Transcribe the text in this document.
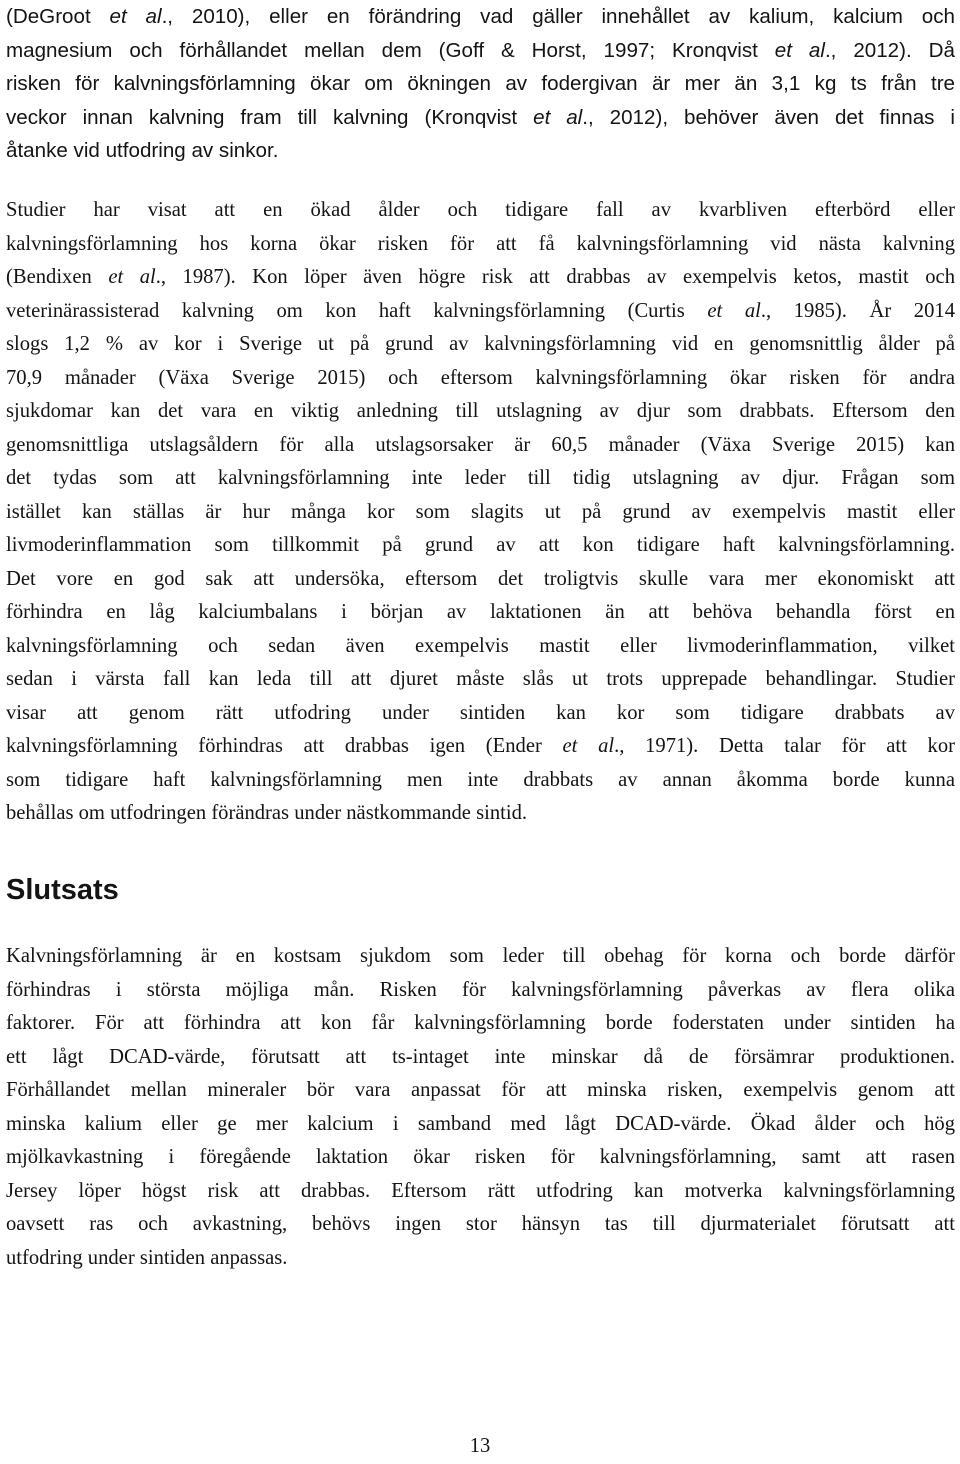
(DeGroot et al., 2010), eller en förändring vad gäller innehållet av kalium, kalcium och
magnesium och förhållandet mellan dem (Goff & Horst, 1997; Kronqvist et al., 2012). Då
risken för kalvningsförlamning ökar om ökningen av fodergivan är mer än 3,1 kg ts från tre
veckor innan kalvning fram till kalvning (Kronqvist et al., 2012), behöver även det finnas i
åtanke vid utfodring av sinkor.
Studier har visat att en ökad ålder och tidigare fall av kvarbliven efterbörd eller
kalvningsförlamning hos korna ökar risken för att få kalvningsförlamning vid nästa kalvning
(Bendixen et al., 1987). Kon löper även högre risk att drabbas av exempelvis ketos, mastit och
veterinärassisterad kalvning om kon haft kalvningsförlamning (Curtis et al., 1985). År 2014
slogs 1,2 % av kor i Sverige ut på grund av kalvningsförlamning vid en genomsnittlig ålder på
70,9 månader (Växa Sverige 2015) och eftersom kalvningsförlamning ökar risken för andra
sjukdomar kan det vara en viktig anledning till utslagning av djur som drabbats. Eftersom den
genomsnittliga utslagsåldern för alla utslagsorsaker är 60,5 månader (Växa Sverige 2015) kan
det tydas som att kalvningsförlamning inte leder till tidig utslagning av djur. Frågan som
istället kan ställas är hur många kor som slagits ut på grund av exempelvis mastit eller
livmoderinflammation som tillkommit på grund av att kon tidigare haft kalvningsförlamning.
Det vore en god sak att undersöka, eftersom det troligtvis skulle vara mer ekonomiskt att
förhindra en låg kalciumbalans i början av laktationen än att behöva behandla först en
kalvningsförlamning och sedan även exempelvis mastit eller livmoderinflammation, vilket
sedan i värsta fall kan leda till att djuret måste slås ut trots upprepade behandlingar. Studier
visar att genom rätt utfodring under sintiden kan kor som tidigare drabbats av
kalvningsförlamning förhindras att drabbas igen (Ender et al., 1971). Detta talar för att kor
som tidigare haft kalvningsförlamning men inte drabbats av annan åkomma borde kunna
behållas om utfodringen förändras under nästkommande sintid.
Slutsats
Kalvningsförlamning är en kostsam sjukdom som leder till obehag för korna och borde därför
förhindras i största möjliga mån. Risken för kalvningsförlamning påverkas av flera olika
faktorer. För att förhindra att kon får kalvningsförlamning borde foderstaten under sintiden ha
ett lågt DCAD-värde, förutsatt att ts-intaget inte minskar då de försämrar produktionen.
Förhållandet mellan mineraler bör vara anpassat för att minska risken, exempelvis genom att
minska kalium eller ge mer kalcium i samband med lågt DCAD-värde. Ökad ålder och hög
mjölkavkastning i föregående laktation ökar risken för kalvningsförlamning, samt att rasen
Jersey löper högst risk att drabbas. Eftersom rätt utfodring kan motverka kalvningsförlamning
oavsett ras och avkastning, behövs ingen stor hänsyn tas till djurmaterialet förutsatt att
utfodring under sintiden anpassas.
13
